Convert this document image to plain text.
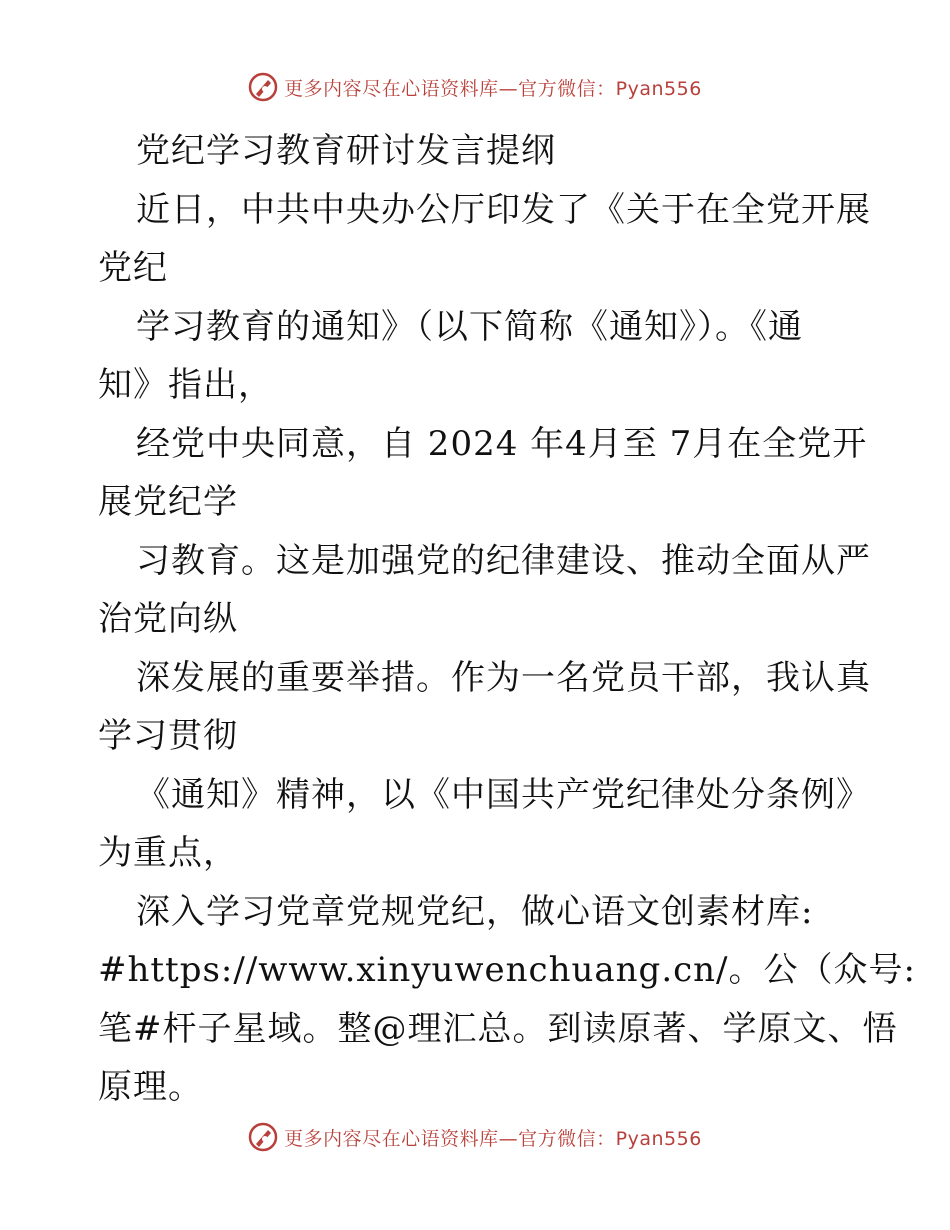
更多内容尽在心语资料库—官方微信：Pyan556
党纪学习教育研讨发言提纲
近日，中共中央办公厅印发了《关于在全党开展
党纪
学习教育的通知》（以下简称《通知》）。《通
知》指出，
经党中央同意，自 2024 年4月至 7月在全党开
展党纪学
习教育。这是加强党的纪律建设、推动全面从严
治党向纵
深发展的重要举措。作为一名党员干部，我认真
学习贯彻
《通知》精神，以《中国共产党纪律处分条例》
为重点，
深入学习党章党规党纪，做心语文创素材库:
#https://www.xinyuwenchuang.cn/。公（众号:
笔#杆子星域。整@理汇总。到读原著、学原文、悟
原理。
更多内容尽在心语资料库—官方微信：Pyan556
